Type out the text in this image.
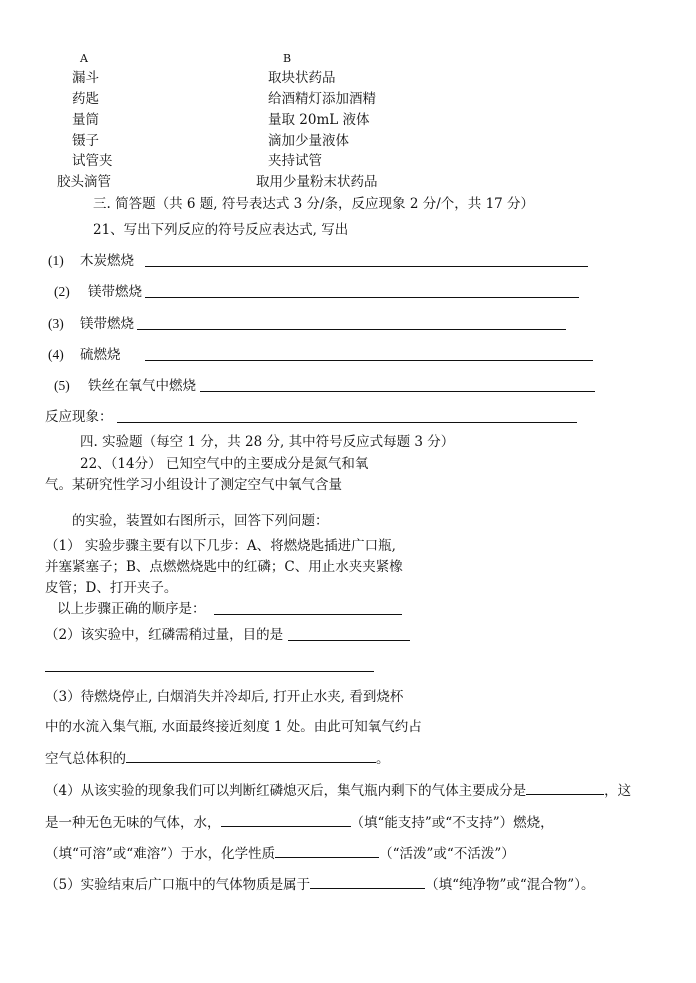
A	B
漏斗	取块状药品
药匙	给酒精灯添加酒精
量筒	量取 20mL 液体
镊子	滴加少量液体
试管夹	夹持试管
胶头滴管	取用少量粉末状药品
三. 简答题（共 6 题, 符号表达式 3 分/条，反应现象 2 分/个，共 17 分）
21、写出下列反应的符号反应表达式, 写出
(1) 木炭燃烧
(2) 镁带燃烧
(3) 镁带燃烧
(4) 硫燃烧
(5) 铁丝在氧气中燃烧
反应现象：
四. 实验题（每空 1 分，共 28 分, 其中符号反应式每题 3 分）
22、（14分） 已知空气中的主要成分是氮气和氧
气。某研究性学习小组设计了测定空气中氧气含量
的实验，装置如右图所示，回答下列问题：
（1） 实验步骤主要有以下几步：A、将燃烧匙插进广口瓶,
并塞紧塞子；B、点燃燃烧匙中的红磷；C、用止水夹夹紧橡
皮管；D、打开夹子。
以上步骤正确的顺序是：
（2）该实验中，红磷需稍过量，目的是
（3）待燃烧停止, 白烟消失并冷却后, 打开止水夹, 看到烧杯
中的水流入集气瓶, 水面最终接近刻度 1 处。由此可知氧气约占
空气总体积的	。
（4）从该实验的现象我们可以判断红磷熄灭后，集气瓶内剩下的气体主要成分是	，这
是一种无色无味的气体，水，	（填“能支持”或“不支持”）燃烧，
（填“可溶”或“难溶”）于水，化学性质	（“活泼”或“不活泼”）
（5）实验结束后广口瓶中的气体物质是属于	（填“纯净物”或“混合物”）。
